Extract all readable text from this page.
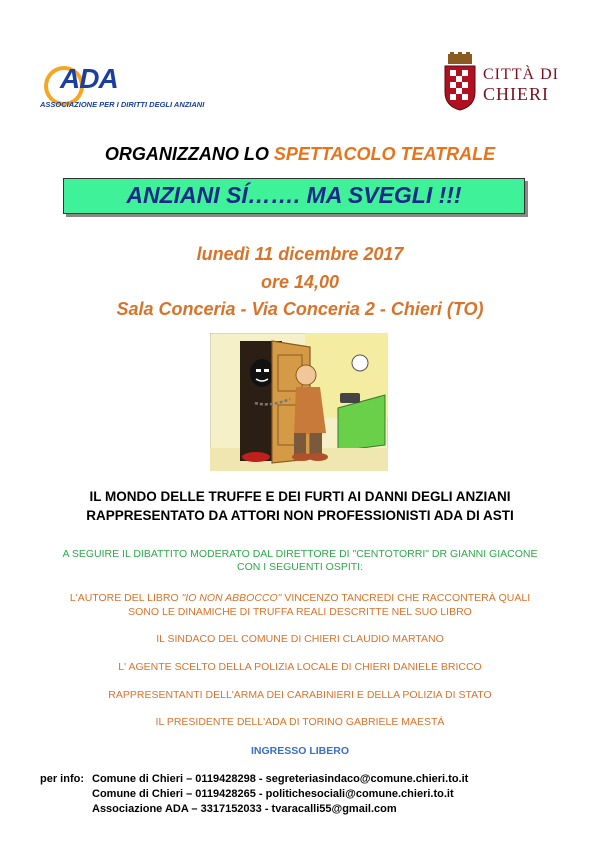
ADA
ASSOCIAZIONE PER I DIRITTI DEGLI ANZIANI
CITTÀ DI
CHIERI
ORGANIZZANO LO SPETTACOLO TEATRALE
ANZIANI SÍ……. MA SVEGLI !!!
lunedì 11 dicembre 2017
ore 14,00
Sala Conceria - Via Conceria 2 - Chieri (TO)
IL MONDO DELLE TRUFFE E DEI FURTI AI DANNI DEGLI ANZIANI
RAPPRESENTATO DA ATTORI NON PROFESSIONISTI ADA DI ASTI
A SEGUIRE IL DIBATTITO MODERATO DAL DIRETTORE DI "CENTOTORRI" DR GIANNI GIACONE
CON I SEGUENTI OSPITI:
L'AUTORE DEL LIBRO "IO NON ABBOCCO" VINCENZO TANCREDI CHE RACCONTERÀ QUALI
SONO LE DINAMICHE DI TRUFFA REALI DESCRITTE NEL SUO LIBRO
IL SINDACO DEL COMUNE DI CHIERI CLAUDIO MARTANO
L' AGENTE SCELTO DELLA POLIZIA LOCALE DI CHIERI DANIELE BRICCO
RAPPRESENTANTI DELL'ARMA DEI CARABINIERI E DELLA POLIZIA DI STATO
IL PRESIDENTE DELL'ADA DI TORINO GABRIELE MAESTÁ
INGRESSO LIBERO
per info: Comune di Chieri – 0119428298 - segreteriasindaco@comune.chieri.to.it
Comune di Chieri – 0119428265 - politichesociali@comune.chieri.to.it
Associazione ADA – 3317152033 - tvaracalli55@gmail.com
